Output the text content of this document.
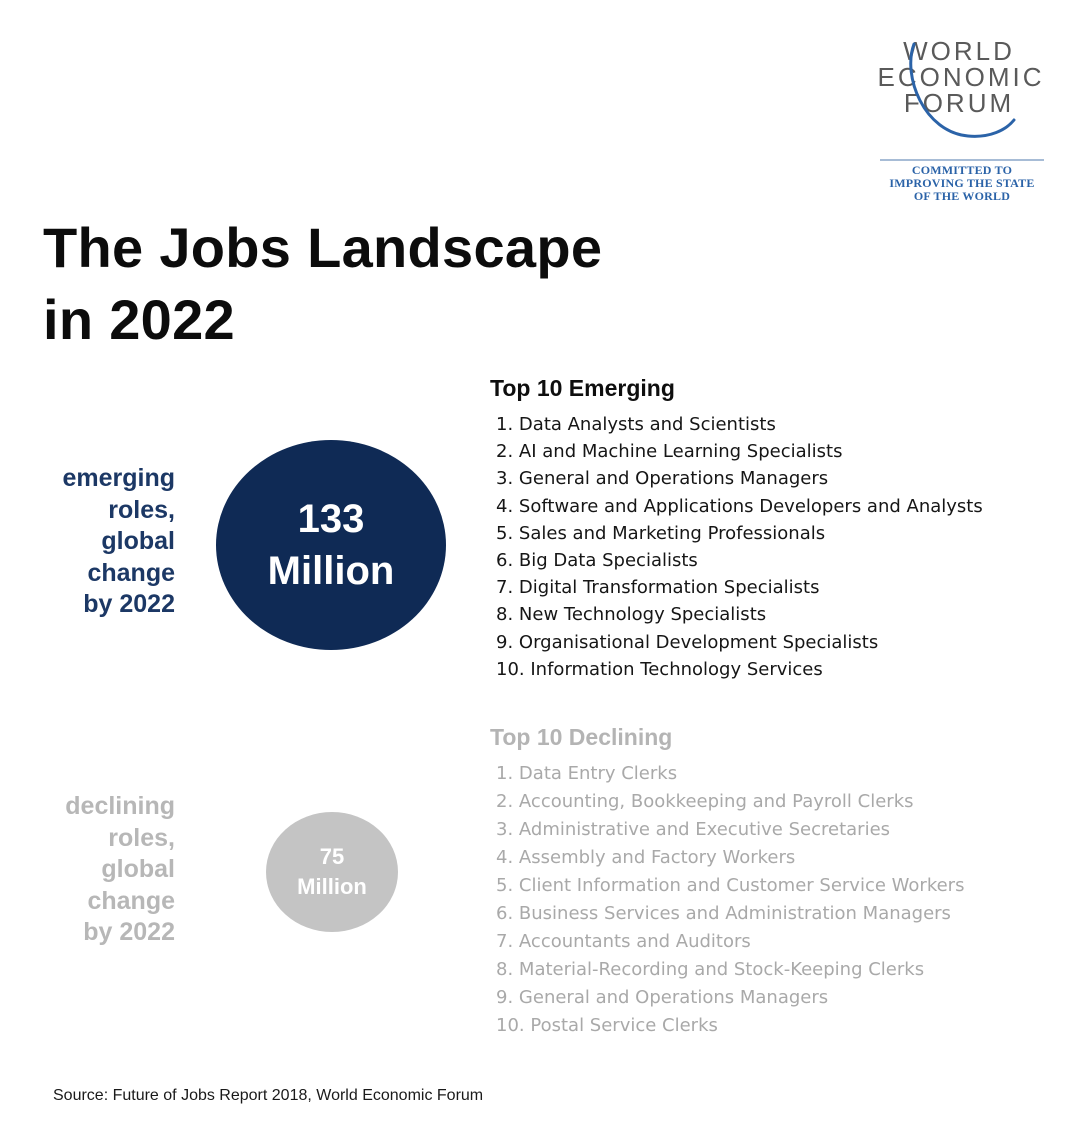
WORLD
ECONOMIC
FORUM
COMMITTED TO
IMPROVING THE STATE
OF THE WORLD
The Jobs Landscape
in 2022
emerging
roles,
global
change
by 2022
133
Million
Top 10 Emerging
1. Data Analysts and Scientists
2. AI and Machine Learning Specialists
3. General and Operations Managers
4. Software and Applications Developers and Analysts
5. Sales and Marketing Professionals
6. Big Data Specialists
7. Digital Transformation Specialists
8. New Technology Specialists
9. Organisational Development Specialists
10. Information Technology Services
declining
roles,
global
change
by 2022
75
Million
Top 10 Declining
1. Data Entry Clerks
2. Accounting, Bookkeeping and Payroll Clerks
3. Administrative and Executive Secretaries
4. Assembly and Factory Workers
5. Client Information and Customer Service Workers
6. Business Services and Administration Managers
7. Accountants and Auditors
8. Material-Recording and Stock-Keeping Clerks
9. General and Operations Managers
10. Postal Service Clerks
Source: Future of Jobs Report 2018, World Economic Forum
